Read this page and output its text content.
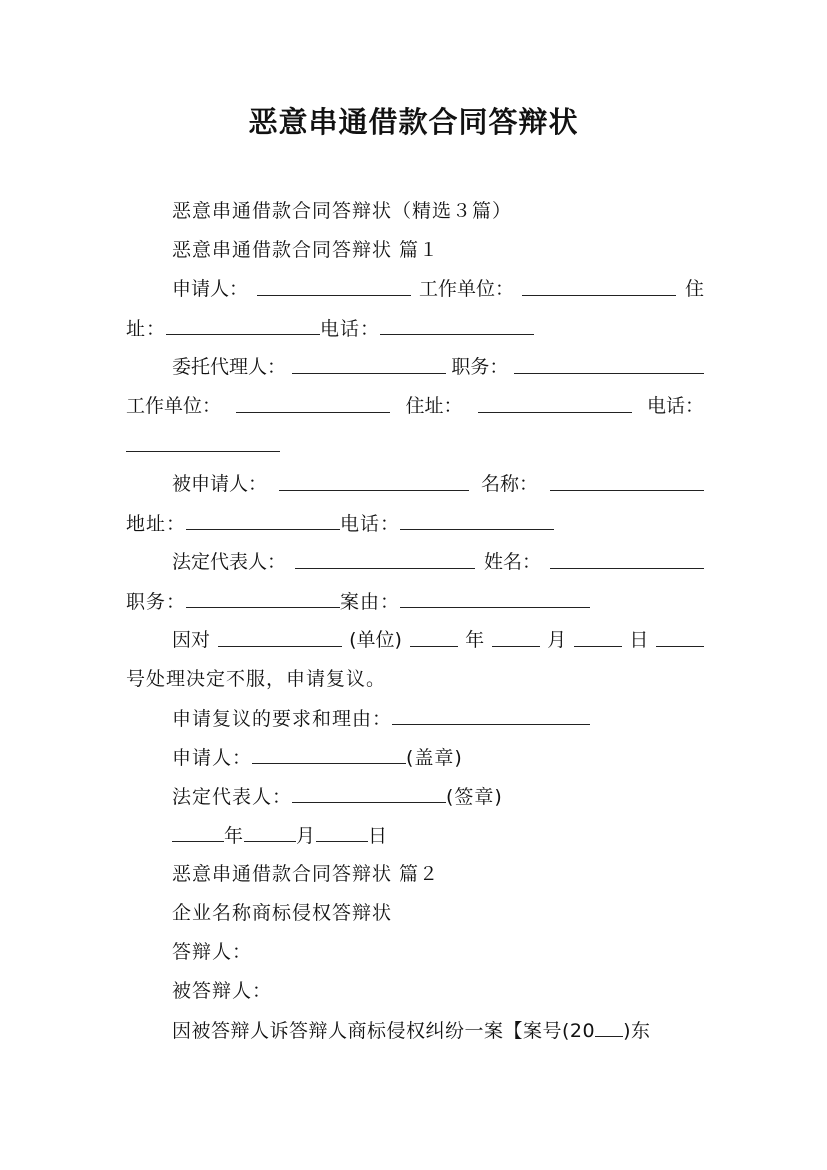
恶意串通借款合同答辩状
恶意串通借款合同答辩状（精选３篇）
恶意串通借款合同答辩状 篇１
申请人：	工作单位：	住
址：	电话：
委托代理人：	职务：
工作单位：	住址：	电话：
被申请人：	名称：
地址：	电话：
法定代表人：	姓名：
职务：	案由：
因对	(单位)	年	月	日
号处理决定不服，申请复议。
申请复议的要求和理由：
申请人：	(盖章)
法定代表人：	(签章)
年	月	日
恶意串通借款合同答辩状 篇２
企业名称商标侵权答辩状
答辩人：
被答辩人：
因被答辩人诉答辩人商标侵权纠纷一案【案号(20 )东
